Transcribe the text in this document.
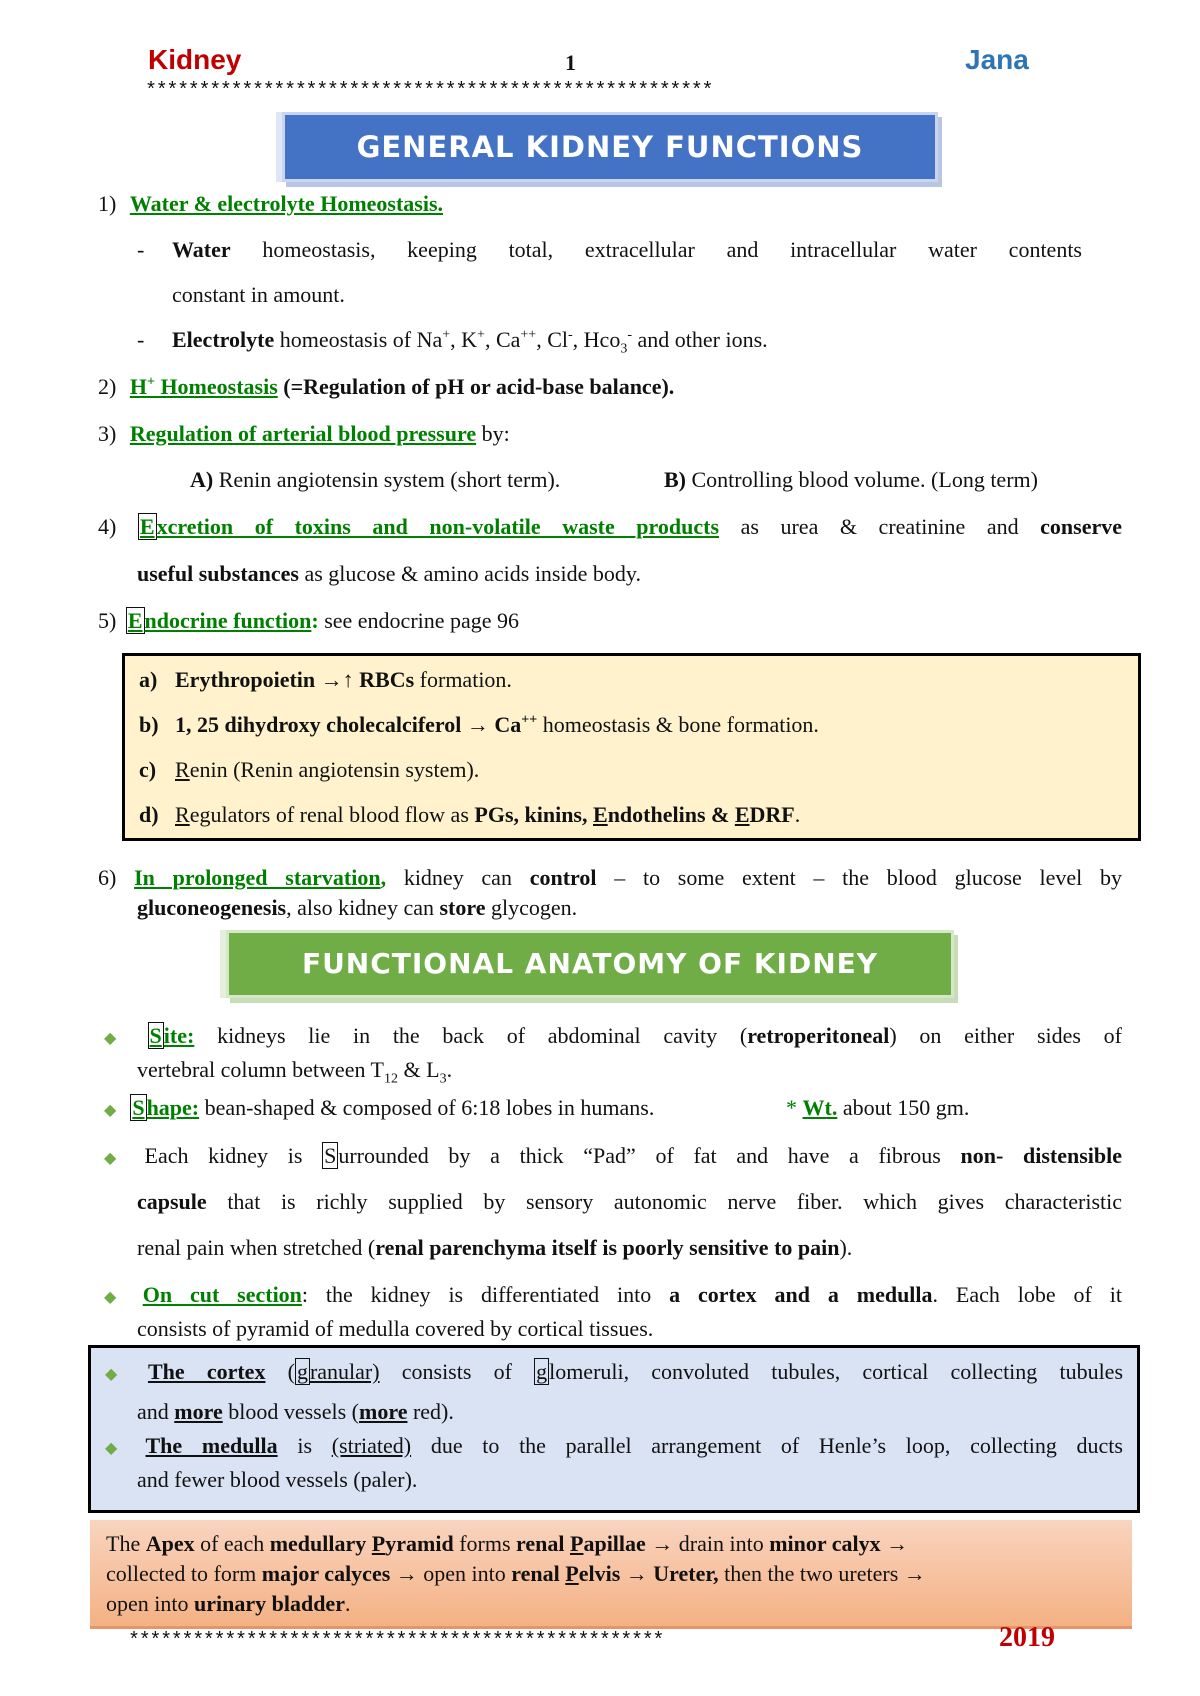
Kidney	1	Jana
*****************************************************
GENERAL KIDNEY FUNCTIONS
1) Water & electrolyte Homeostasis.
- Water homeostasis, keeping total, extracellular and intracellular water contents
constant in amount.
- Electrolyte homeostasis of Na+, K+, Ca++, Cl-, Hco$_3$- and other ions.
2) H+ Homeostasis (=Regulation of pH or acid-base balance).
3) Regulation of arterial blood pressure by:
A) Renin angiotensin system (short term).	B) Controlling blood volume. (Long term)
4) Excretion of toxins and non-volatile waste products as urea & creatinine and conserve
useful substances as glucose & amino acids inside body.
5) Endocrine function: see endocrine page 96
a) Erythropoietin →↑ RBCs formation.
b) 1, 25 dihydroxy cholecalciferol → Ca++ homeostasis & bone formation.
c) Renin (Renin angiotensin system).
d) Regulators of renal blood flow as PGs, kinins, Endothelins & EDRF.
6) In prolonged starvation, kidney can control – to some extent – the blood glucose level by
gluconeogenesis, also kidney can store glycogen.
FUNCTIONAL ANATOMY OF KIDNEY
◆ Site: kidneys lie in the back of abdominal cavity (retroperitoneal) on either sides of
vertebral column between $T_{12}$ & $L_3$.
◆ Shape: bean-shaped & composed of 6:18 lobes in humans.	* Wt. about 150 gm.
◆ Each kidney is Surrounded by a thick “Pad” of fat and have a fibrous non- distensible
capsule that is richly supplied by sensory autonomic nerve fiber. which gives characteristic
renal pain when stretched (renal parenchyma itself is poorly sensitive to pain).
◆ On cut section: the kidney is differentiated into a cortex and a medulla. Each lobe of it
consists of pyramid of medulla covered by cortical tissues.
◆ The cortex (granular) consists of glomeruli, convoluted tubules, cortical collecting tubules
and more blood vessels (more red).
◆ The medulla is (striated) due to the parallel arrangement of Henle’s loop, collecting ducts
and fewer blood vessels (paler).
The Apex of each medullary Pyramid forms renal Papillae → drain into minor calyx →
collected to form major calyces → open into renal Pelvis → Ureter, then the two ureters →
open into urinary bladder.
**************************************************	2019
